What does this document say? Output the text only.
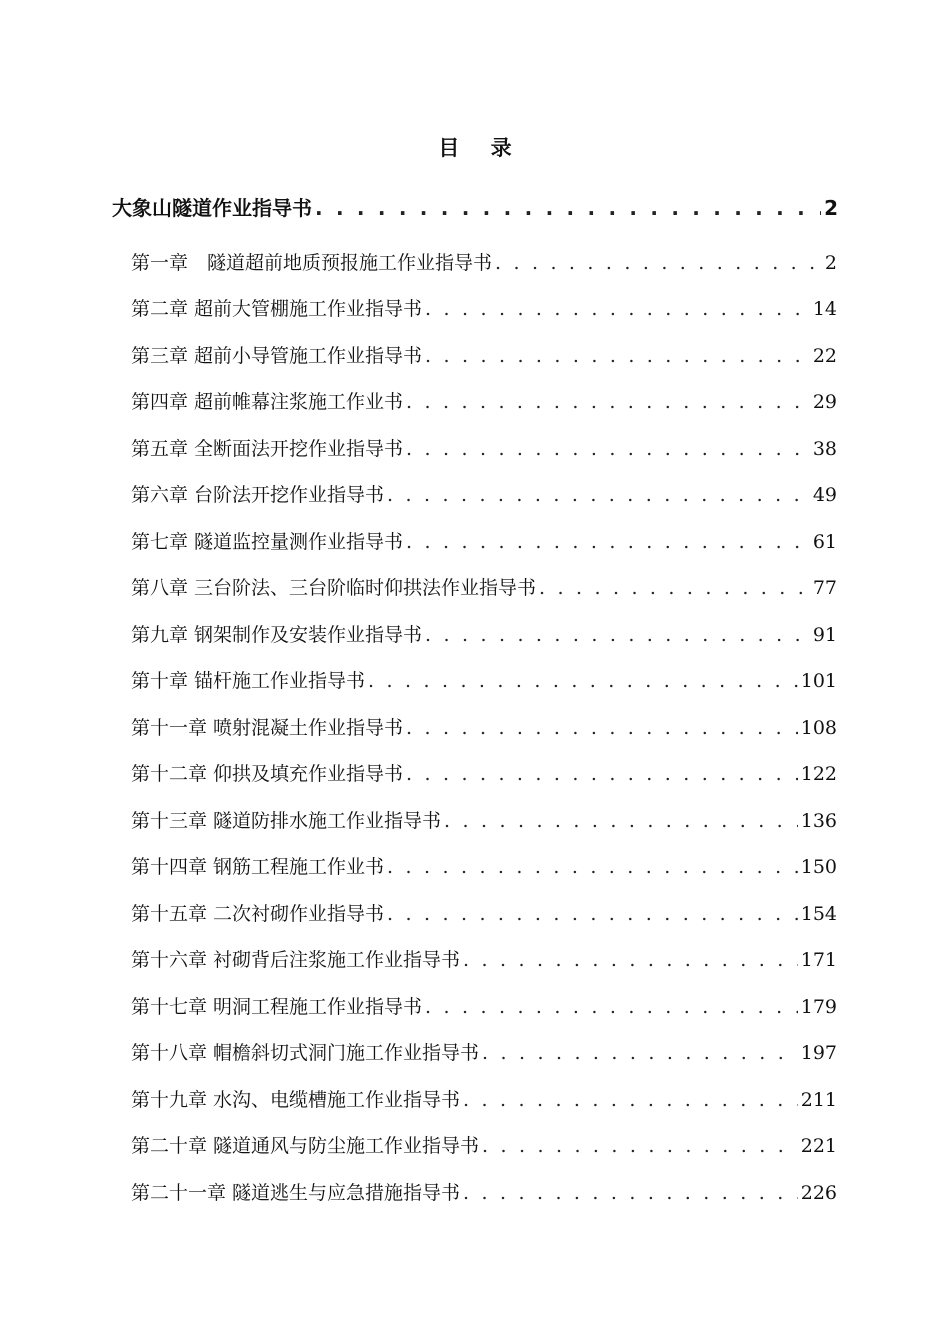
目 录
大象山隧道作业指导书 . . .	2
第一章　隧道超前地质预报施工作业指导书 . . .	2
第二章 超前大管棚施工作业指导书 . . .	14
第三章 超前小导管施工作业指导书 . . .	22
第四章 超前帷幕注浆施工作业书 . . .	29
第五章 全断面法开挖作业指导书 . . .	38
第六章 台阶法开挖作业指导书 . . .	49
第七章 隧道监控量测作业指导书 . . .	61
第八章 三台阶法、三台阶临时仰拱法作业指导书 . . .	77
第九章 钢架制作及安装作业指导书 . . .	91
第十章 锚杆施工作业指导书 . . .	101
第十一章 喷射混凝土作业指导书 . . .	108
第十二章 仰拱及填充作业指导书 . . .	122
第十三章 隧道防排水施工作业指导书 . . .	136
第十四章 钢筋工程施工作业书 . . .	150
第十五章 二次衬砌作业指导书 . . .	154
第十六章 衬砌背后注浆施工作业指导书 . . .	171
第十七章 明洞工程施工作业指导书 . . .	179
第十八章 帽檐斜切式洞门施工作业指导书 . . .	197
第十九章 水沟、电缆槽施工作业指导书 . . .	211
第二十章 隧道通风与防尘施工作业指导书 . . .	221
第二十一章 隧道逃生与应急措施指导书 . . .	226
